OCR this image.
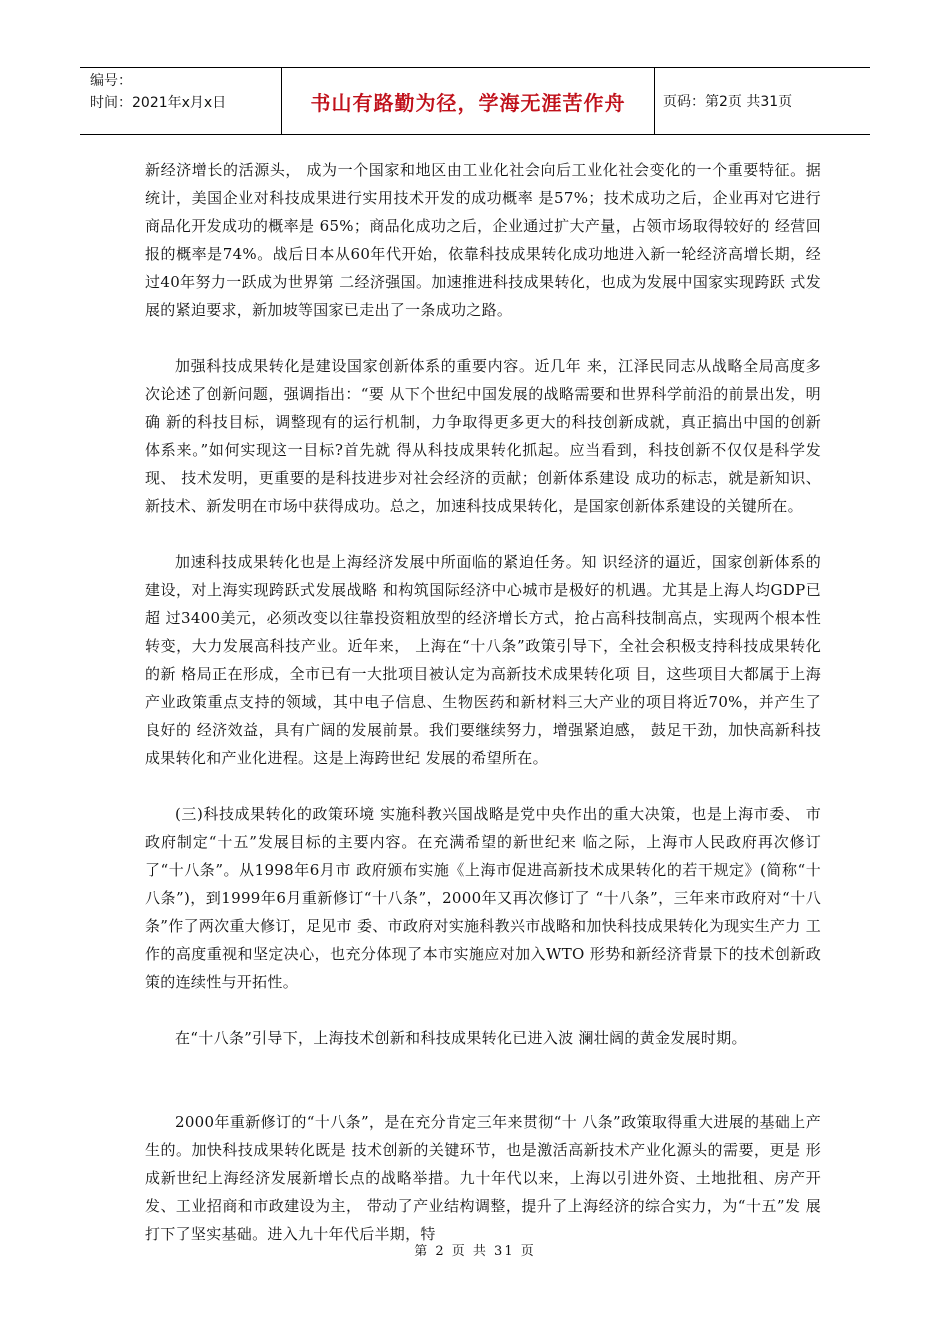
编号：
时间：2021年x月x日	书山有路勤为径，学海无涯苦作舟	页码：第2页 共31页

新经济增长的活源头， 成为一个国家和地区由工业化社会向后工业化社会变化的一个重要特征。据统计，美国企业对科技成果进行实用技术开发的成功概率 是57%；技术成功之后，企业再对它进行商品化开发成功的概率是 65%；商品化成功之后，企业通过扩大产量，占领市场取得较好的 经营回报的概率是74%。战后日本从60年代开始，依靠科技成果转化成功地进入新一轮经济高增长期，经过40年努力一跃成为世界第 二经济强国。加速推进科技成果转化，也成为发展中国家实现跨跃 式发展的紧迫要求，新加坡等国家已走出了一条成功之路。

加强科技成果转化是建设国家创新体系的重要内容。近几年 来，江泽民同志从战略全局高度多次论述了创新问题，强调指出：“要 从下个世纪中国发展的战略需要和世界科学前沿的前景出发，明确 新的科技目标，调整现有的运行机制，力争取得更多更大的科技创新成就，真正搞出中国的创新体系来。”如何实现这一目标?首先就 得从科技成果转化抓起。应当看到，科技创新不仅仅是科学发现、 技术发明，更重要的是科技进步对社会经济的贡献；创新体系建设 成功的标志，就是新知识、新技术、新发明在市场中获得成功。总之，加速科技成果转化，是国家创新体系建设的关键所在。

加速科技成果转化也是上海经济发展中所面临的紧迫任务。知 识经济的逼近，国家创新体系的建设，对上海实现跨跃式发展战略 和构筑国际经济中心城市是极好的机遇。尤其是上海人均GDP已超 过3400美元，必须改变以往靠投资粗放型的经济增长方式，抢占高科技制高点，实现两个根本性转变，大力发展高科技产业。近年来， 上海在“十八条”政策引导下，全社会积极支持科技成果转化的新 格局正在形成，全市已有一大批项目被认定为高新技术成果转化项 目，这些项目大都属于上海产业政策重点支持的领域，其中电子信息、生物医药和新材料三大产业的项目将近70%，并产生了良好的 经济效益，具有广阔的发展前景。我们要继续努力，增强紧迫感， 鼓足干劲，加快高新科技成果转化和产业化进程。这是上海跨世纪 发展的希望所在。

(三)科技成果转化的政策环境 实施科教兴国战略是党中央作出的重大决策，也是上海市委、 市政府制定“十五”发展目标的主要内容。在充满希望的新世纪来 临之际，上海市人民政府再次修订了“十八条”。从1998年6月市 政府颁布实施《上海市促进高新技术成果转化的若干规定》(简称“十 八条”)，到1999年6月重新修订“十八条”，2000年又再次修订了 “十八条”，三年来市政府对“十八条”作了两次重大修订，足见市 委、市政府对实施科教兴市战略和加快科技成果转化为现实生产力 工作的高度重视和坚定决心，也充分体现了本市实施应对加入WTO 形势和新经济背景下的技术创新政策的连续性与开拓性。

在“十八条”引导下，上海技术创新和科技成果转化已进入波 澜壮阔的黄金发展时期。

2000年重新修订的“十八条”，是在充分肯定三年来贯彻“十 八条”政策取得重大进展的基础上产生的。加快科技成果转化既是 技术创新的关键环节，也是激活高新技术产业化源头的需要，更是 形成新世纪上海经济发展新增长点的战略举措。九十年代以来，上海以引进外资、土地批租、房产开发、工业招商和市政建设为主， 带动了产业结构调整，提升了上海经济的综合实力，为“十五”发 展打下了坚实基础。进入九十年代后半期，特

第 2 页 共 31 页
